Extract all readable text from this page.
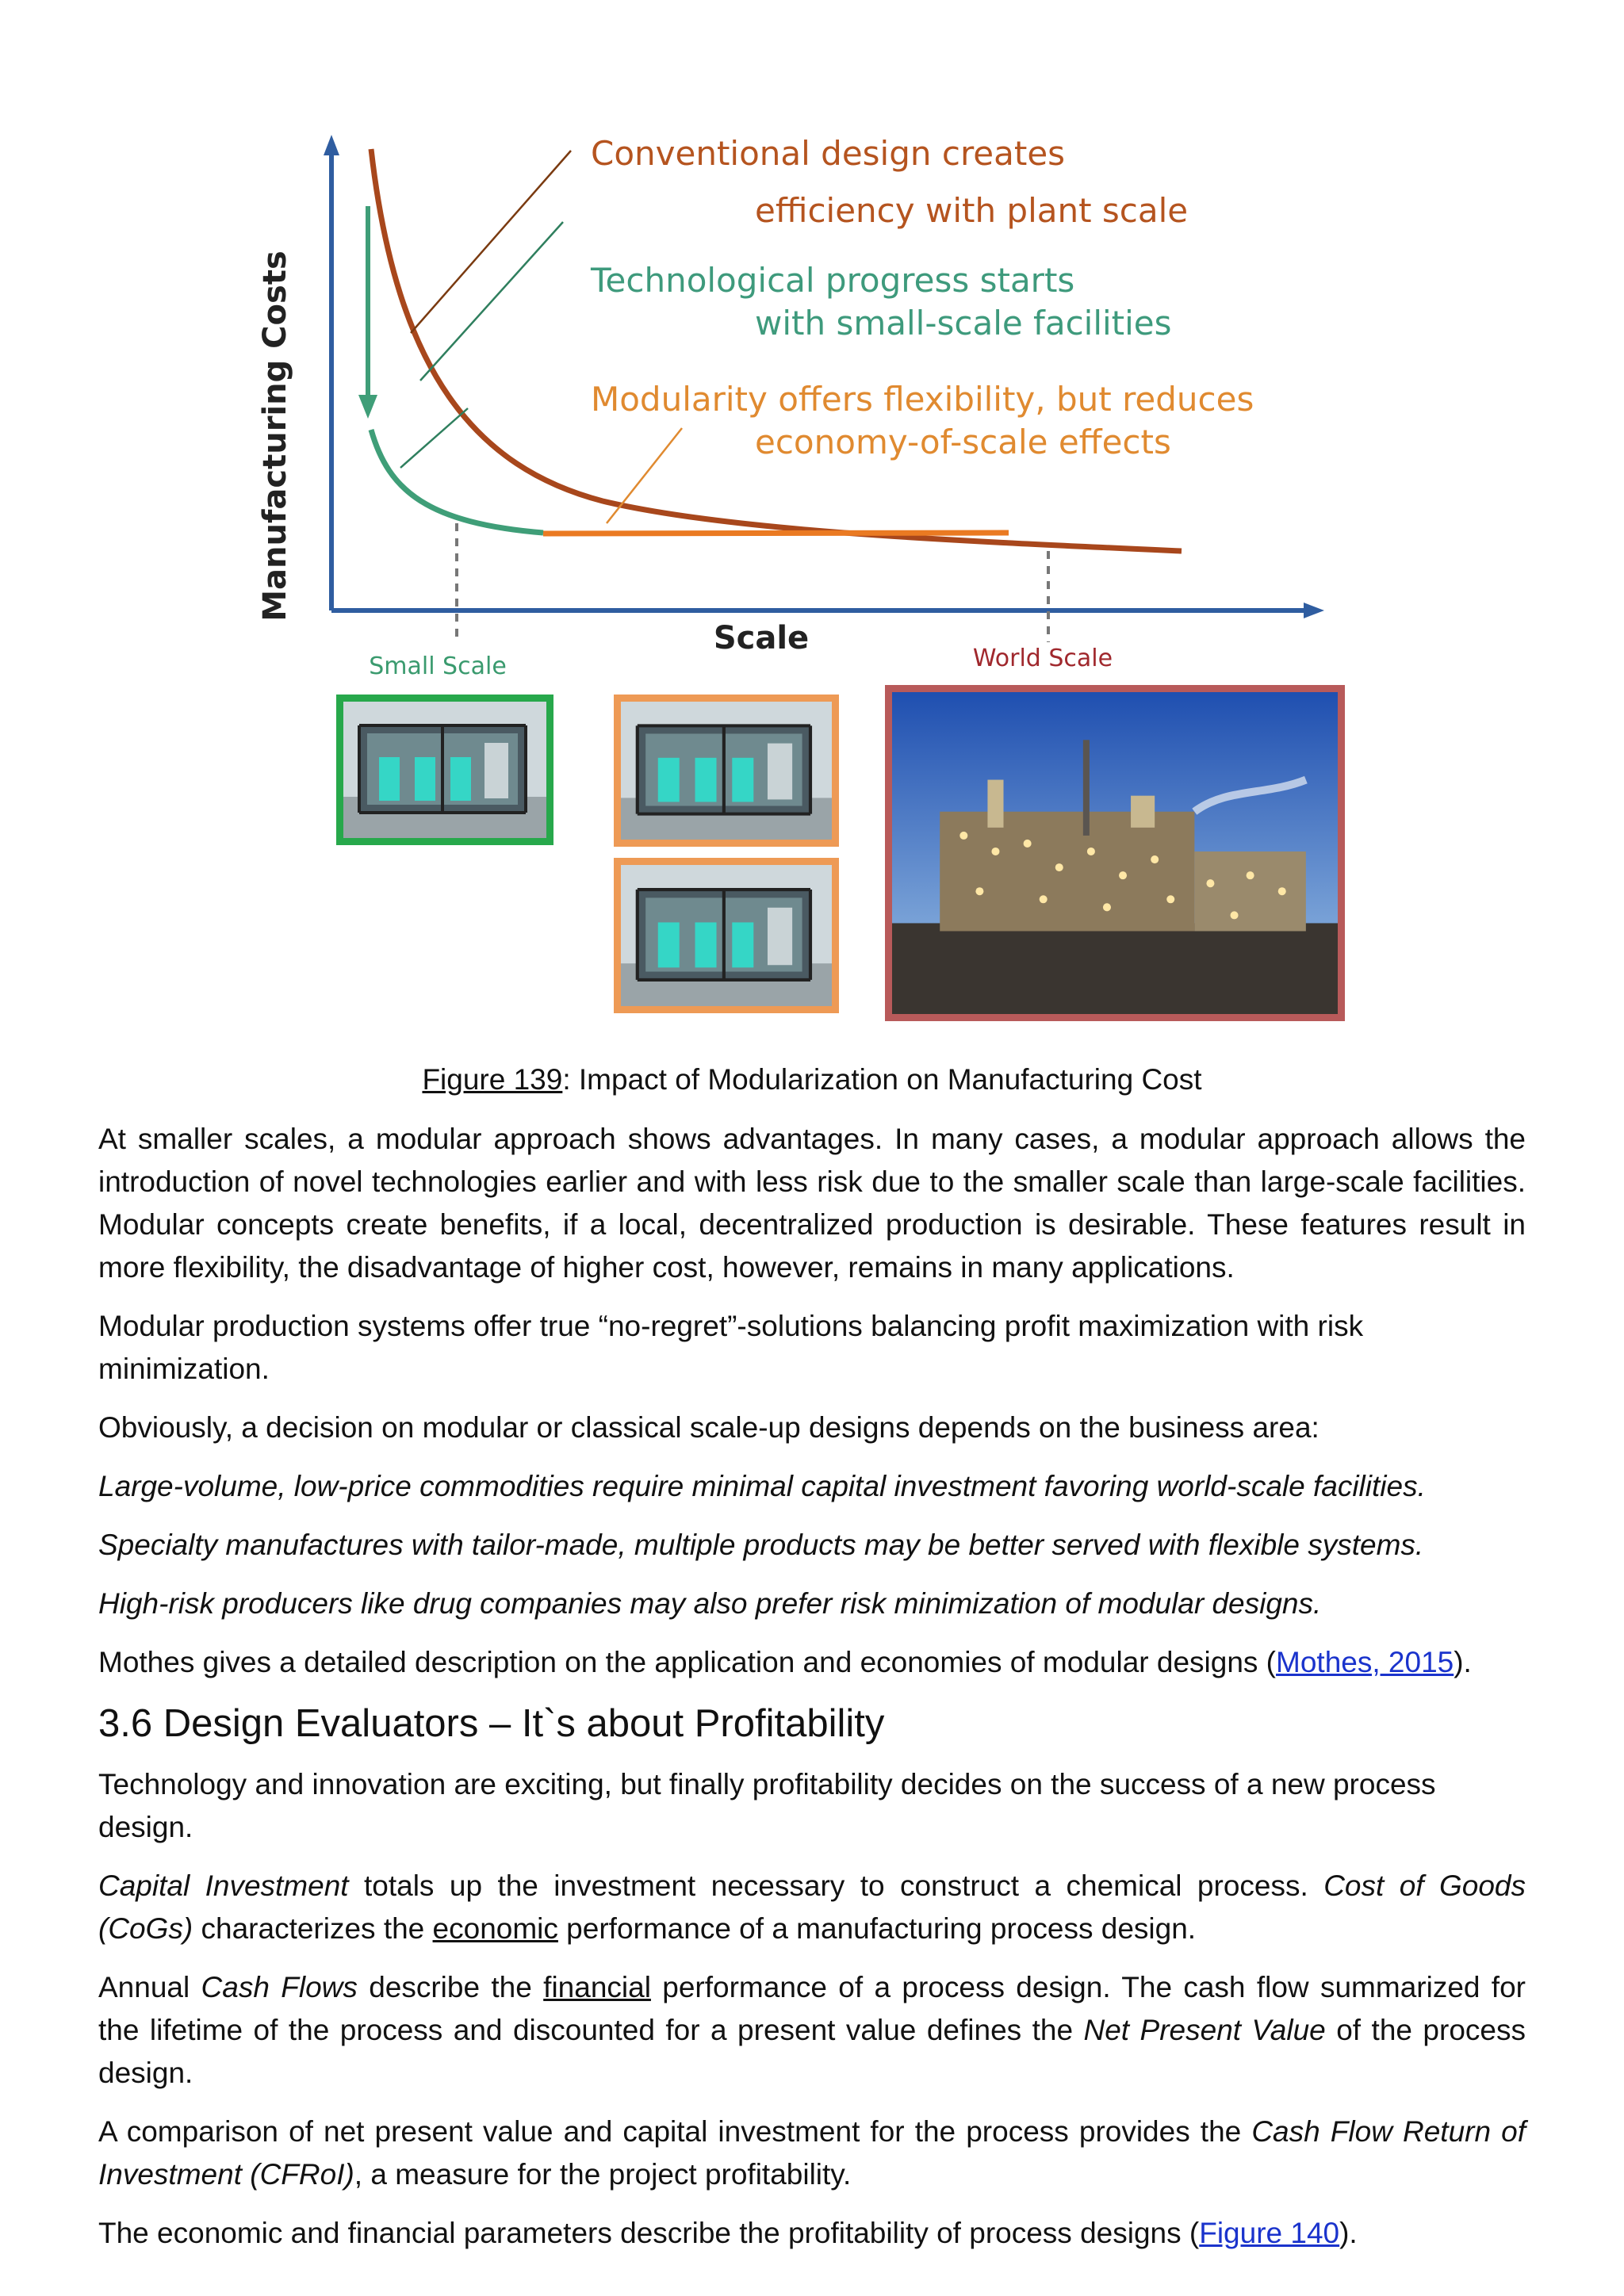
Manufacturing Costs
Scale
Small Scale	World Scale
Conventional design creates
efficiency with plant scale
Technological progress starts
with small-scale facilities
Modularity offers flexibility, but reduces
economy-of-scale effects
Figure 139: Impact of Modularization on Manufacturing Cost

At smaller scales, a modular approach shows advantages. In many cases, a modular approach allows the introduction of novel technologies earlier and with less risk due to the smaller scale than large-scale facilities. Modular concepts create benefits, if a local, decentralized production is desirable. These features result in more flexibility, the disadvantage of higher cost, however, remains in many applications.

Modular production systems offer true “no-regret”-solutions balancing profit maximization with risk minimization.

Obviously, a decision on modular or classical scale-up designs depends on the business area:

Large-volume, low-price commodities require minimal capital investment favoring world-scale facilities.

Specialty manufactures with tailor-made, multiple products may be better served with flexible systems.

High-risk producers like drug companies may also prefer risk minimization of modular designs.

Mothes gives a detailed description on the application and economies of modular designs (Mothes, 2015).

3.6 Design Evaluators – It`s about Profitability

Technology and innovation are exciting, but finally profitability decides on the success of a new process design.

Capital Investment totals up the investment necessary to construct a chemical process. Cost of Goods (CoGs) characterizes the economic performance of a manufacturing process design.

Annual Cash Flows describe the financial performance of a process design. The cash flow summarized for the lifetime of the process and discounted for a present value defines the Net Present Value of the process design.

A comparison of net present value and capital investment for the process provides the Cash Flow Return of Investment (CFRoI), a measure for the project profitability.

The economic and financial parameters describe the profitability of process designs (Figure 140).
